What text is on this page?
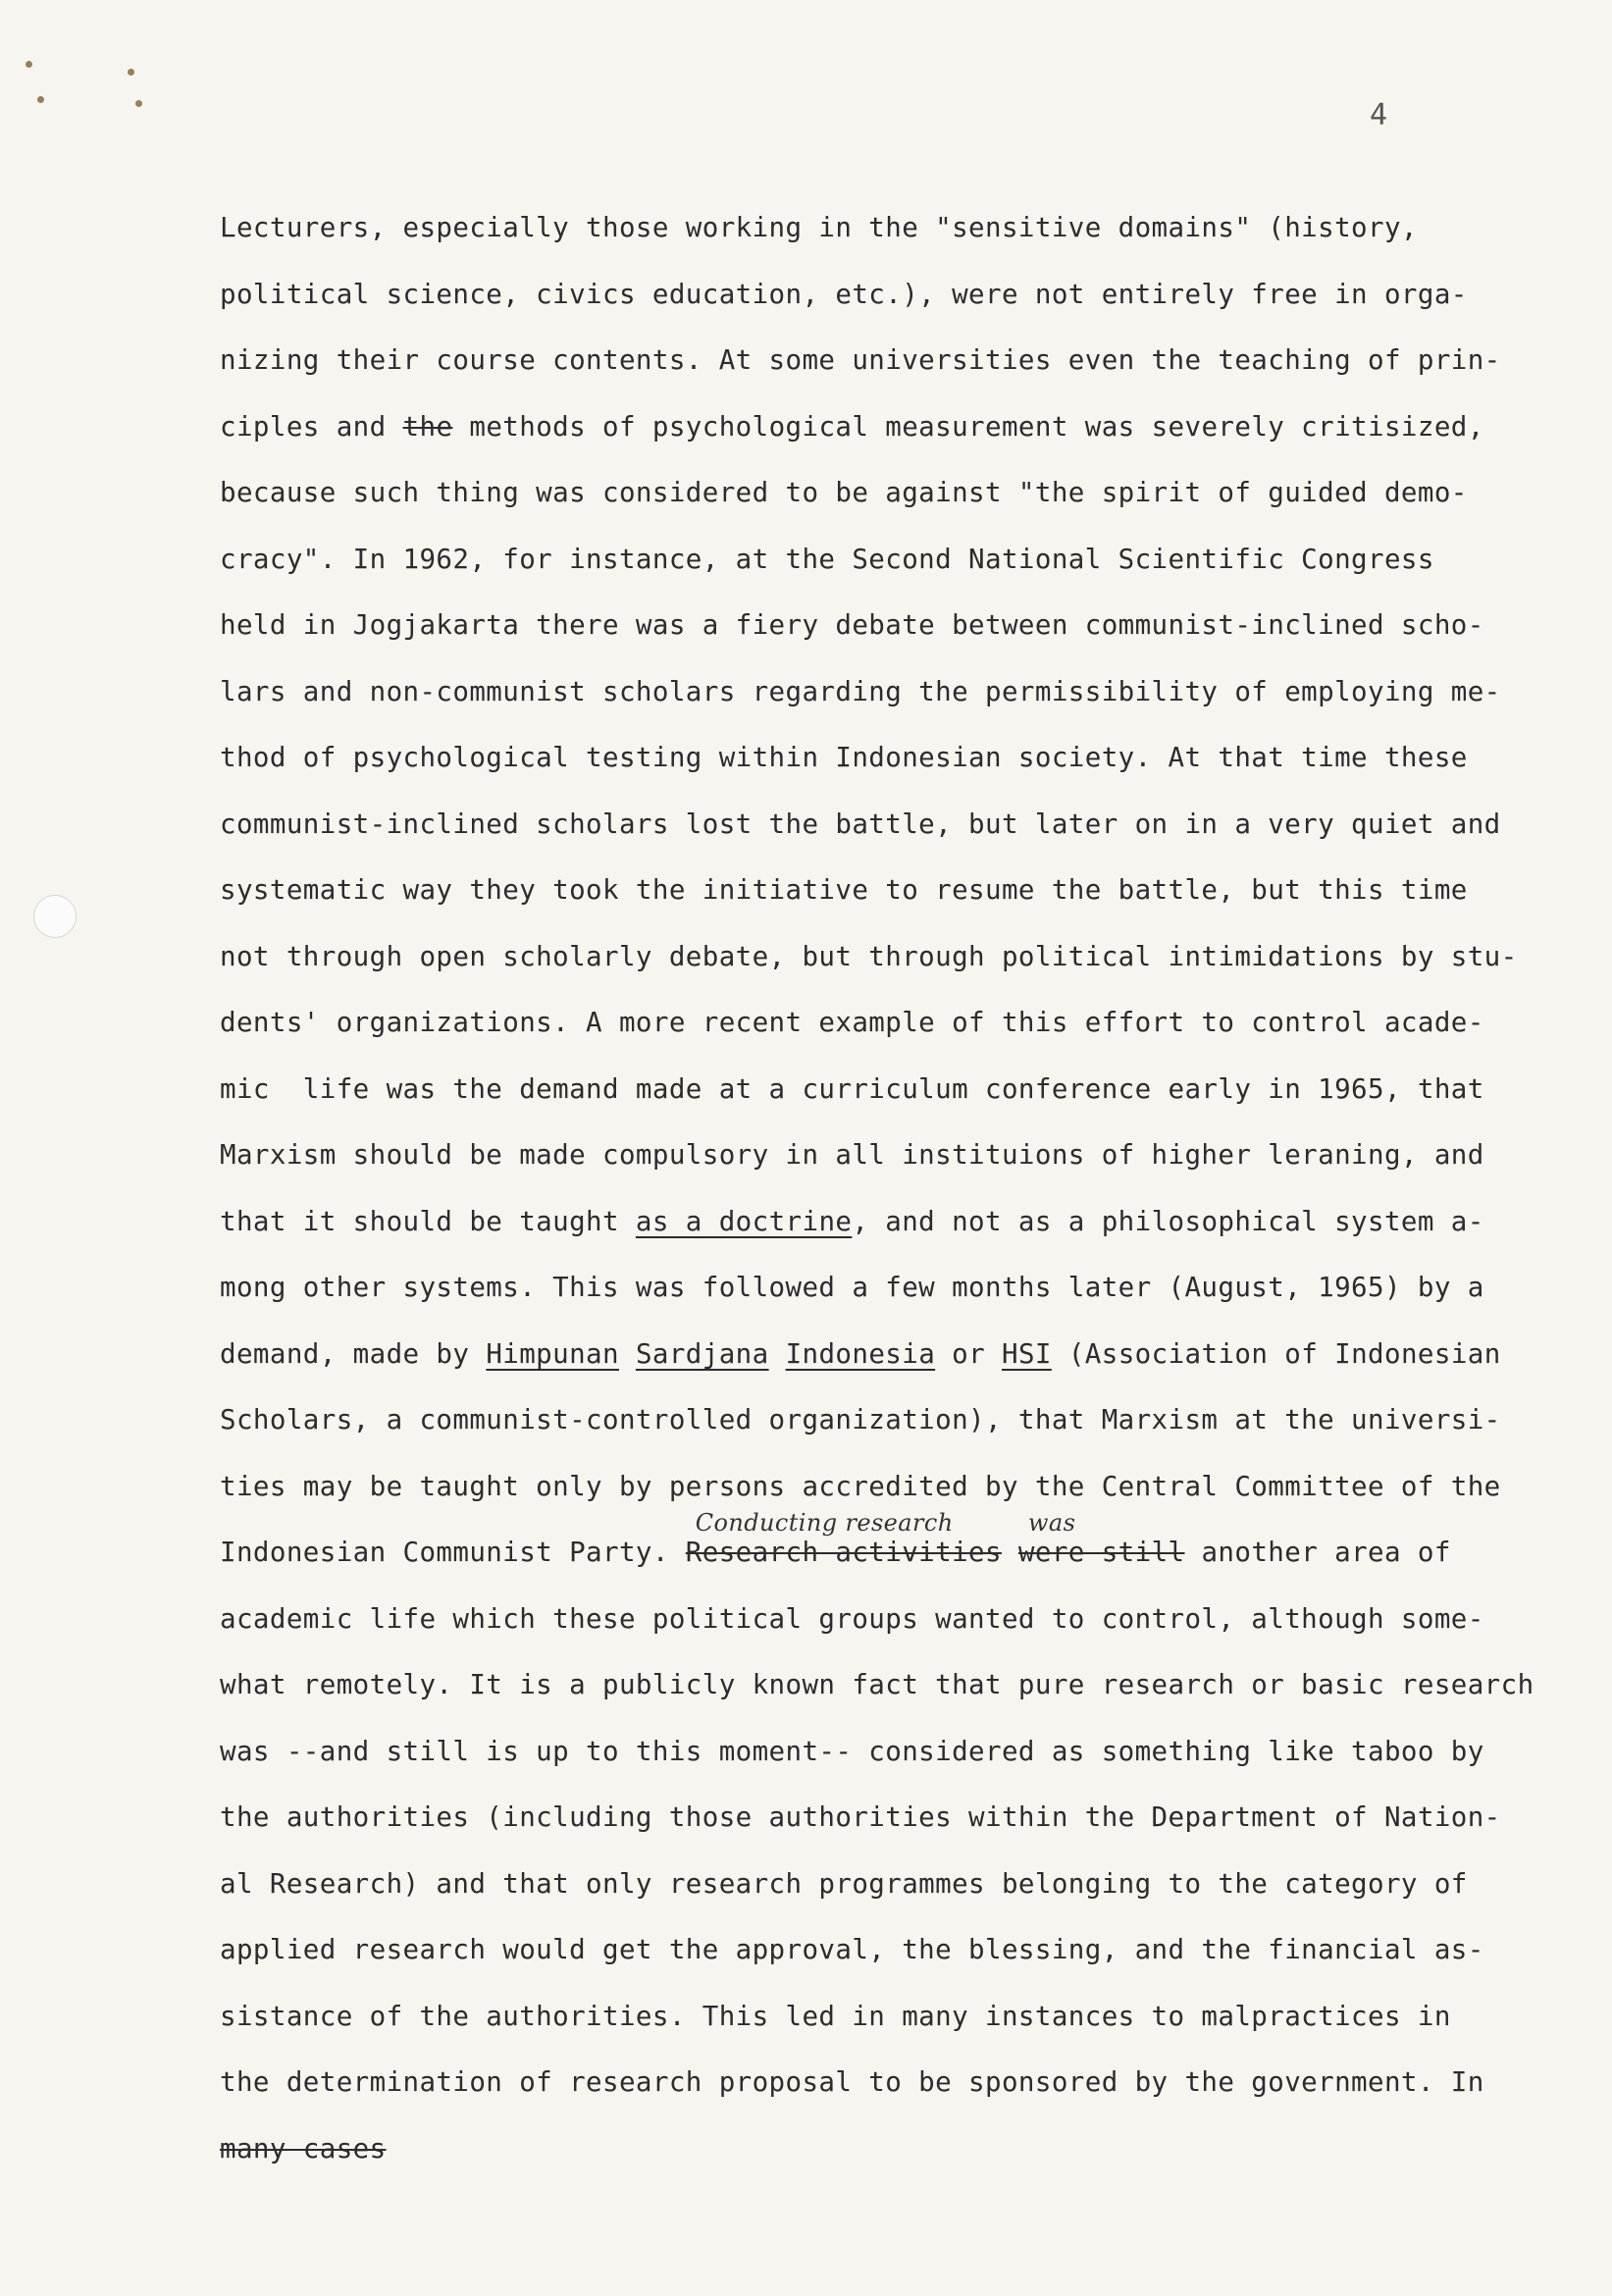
4
Lecturers, especially those working in the "sensitive domains" (history,
political science, civics education, etc.), were not entirely free in orga-
nizing their course contents. At some universities even the teaching of prin-
ciples and the methods of psychological measurement was severely critisized,
because such thing was considered to be against "the spirit of guided demo-
cracy". In 1962, for instance, at the Second National Scientific Congress
held in Jogjakarta there was a fiery debate between communist-inclined scho-
lars and non-communist scholars regarding the permissibility of employing me-
thod of psychological testing within Indonesian society. At that time these
communist-inclined scholars lost the battle, but later on in a very quiet and
systematic way they took the initiative to resume the battle, but this time
not through open scholarly debate, but through political intimidations by stu-
dents' organizations. A more recent example of this effort to control acade-
mic  life was the demand made at a curriculum conference early in 1965, that
Marxism should be made compulsory in all instituions of higher leraning, and
that it should be taught as a doctrine, and not as a philosophical system a-
mong other systems. This was followed a few months later (August, 1965) by a
demand, made by Himpunan Sardjana Indonesia or HSI (Association of Indonesian
Scholars, a communist-controlled organization), that Marxism at the universi-
ties may be taught only by persons accredited by the Central Committee of the
Indonesian Communist Party.
Conducting research
Research activities
was
were still another area of
academic life which these political groups wanted to control, although some-
what remotely. It is a publicly known fact that pure research or basic research
was --and still is up to this moment-- considered as something like taboo by
the authorities (including those authorities within the Department of Nation-
al Research) and that only research programmes belonging to the category of
applied research would get the approval, the blessing, and the financial as-
sistance of the authorities. This led in many instances to malpractices in
the determination of research proposal to be sponsored by the government. In
many cases
